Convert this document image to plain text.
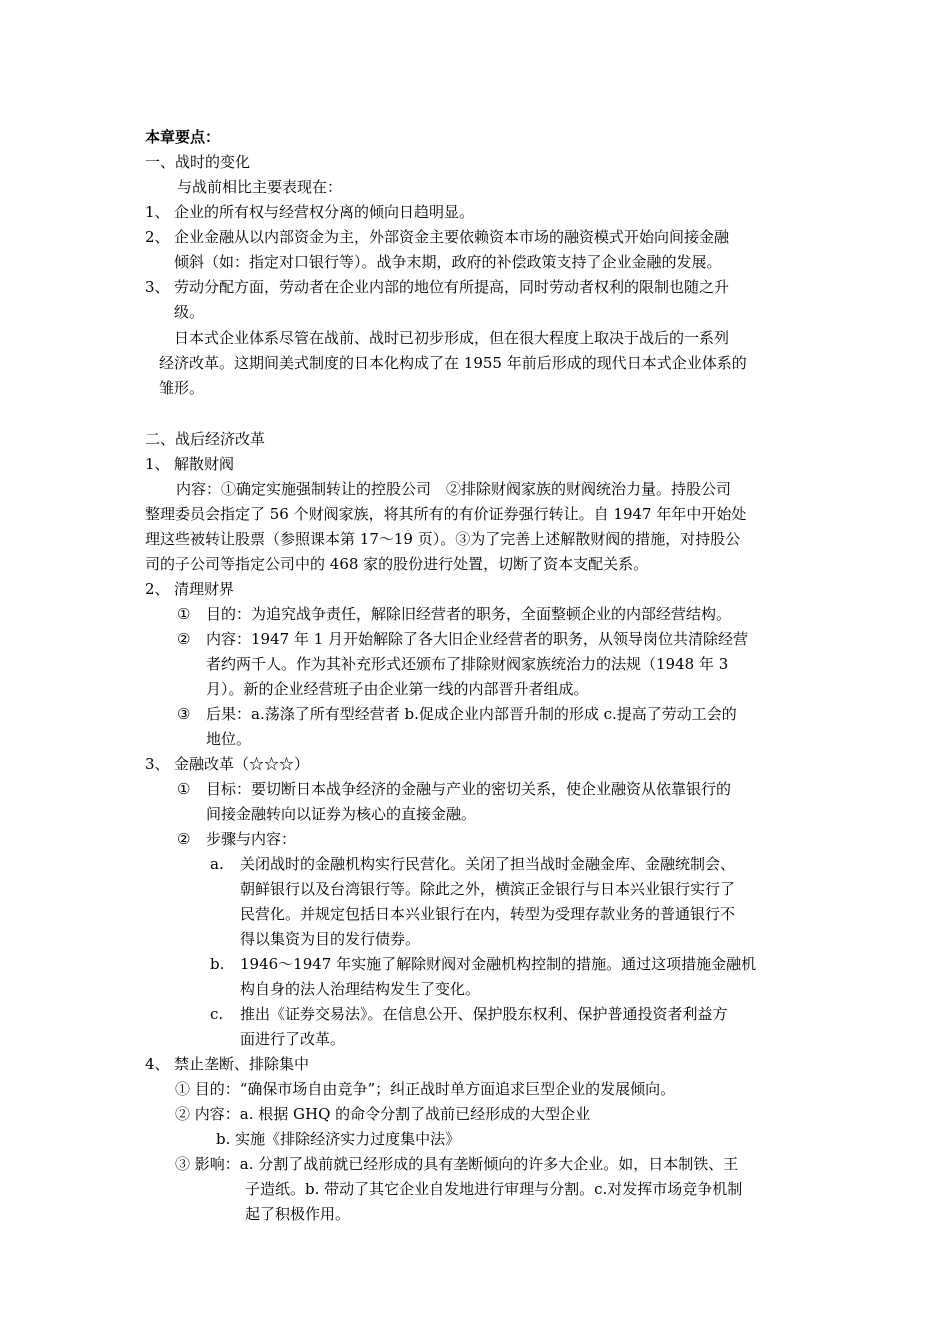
本章要点：
一、战时的变化
与战前相比主要表现在：
1、 企业的所有权与经营权分离的倾向日趋明显。
2、 企业金融从以内部资金为主，外部资金主要依赖资本市场的融资模式开始向间接金融
倾斜（如：指定对口银行等）。战争末期，政府的补偿政策支持了企业金融的发展。
3、 劳动分配方面，劳动者在企业内部的地位有所提高，同时劳动者权利的限制也随之升
级。
日本式企业体系尽管在战前、战时已初步形成，但在很大程度上取决于战后的一系列
经济改革。这期间美式制度的日本化构成了在 1955 年前后形成的现代日本式企业体系的
雏形。
二、战后经济改革
1、 解散财阀
内容：①确定实施强制转让的控股公司　②排除财阀家族的财阀统治力量。持股公司
整理委员会指定了 56 个财阀家族，将其所有的有价证券强行转让。自 1947 年年中开始处
理这些被转让股票（参照课本第 17～19 页）。③为了完善上述解散财阀的措施，对持股公
司的子公司等指定公司中的 468 家的股份进行处置，切断了资本支配关系。
2、 清理财界
① 目的：为追究战争责任，解除旧经营者的职务，全面整顿企业的内部经营结构。
② 内容：1947 年 1 月开始解除了各大旧企业经营者的职务，从领导岗位共清除经营
者约两千人。作为其补充形式还颁布了排除财阀家族统治力的法规（1948 年 3
月）。新的企业经营班子由企业第一线的内部晋升者组成。
③ 后果：a.荡涤了所有型经营者 b.促成企业内部晋升制的形成 c.提高了劳动工会的
地位。
3、 金融改革（☆☆☆）
① 目标：要切断日本战争经济的金融与产业的密切关系，使企业融资从依靠银行的
间接金融转向以证券为核心的直接金融。
② 步骤与内容：
a. 关闭战时的金融机构实行民营化。关闭了担当战时金融金库、金融统制会、
朝鲜银行以及台湾银行等。除此之外，横滨正金银行与日本兴业银行实行了
民营化。并规定包括日本兴业银行在内，转型为受理存款业务的普通银行不
得以集资为目的发行债券。
b. 1946～1947 年实施了解除财阀对金融机构控制的措施。通过这项措施金融机
构自身的法人治理结构发生了变化。
c. 推出《证券交易法》。在信息公开、保护股东权利、保护普通投资者利益方
面进行了改革。
4、 禁止垄断、排除集中
① 目的：“确保市场自由竞争”；纠正战时单方面追求巨型企业的发展倾向。
② 内容：a. 根据 GHQ 的命令分割了战前已经形成的大型企业
b. 实施《排除经济实力过度集中法》
③ 影响：a. 分割了战前就已经形成的具有垄断倾向的许多大企业。如，日本制铁、王
子造纸。b. 带动了其它企业自发地进行审理与分割。c.对发挥市场竞争机制
起了积极作用。
